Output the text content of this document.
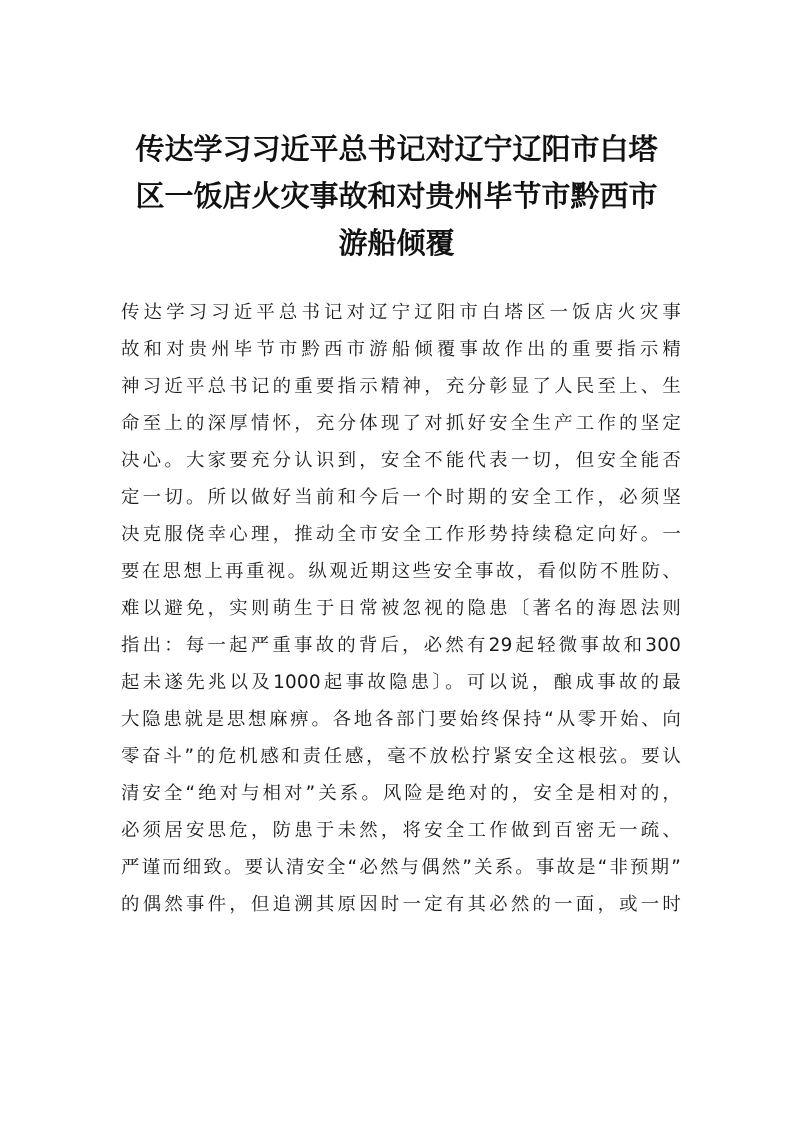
传达学习习近平总书记对辽宁辽阳市白塔
区一饭店火灾事故和对贵州毕节市黔西市
游船倾覆
传达学习习近平总书记对辽宁辽阳市白塔区一饭店火灾事
故和对贵州毕节市黔西市游船倾覆事故作出的重要指示精
神习近平总书记的重要指示精神，充分彰显了人民至上、生
命至上的深厚情怀，充分体现了对抓好安全生产工作的坚定
决心。大家要充分认识到，安全不能代表一切，但安全能否
定一切。所以做好当前和今后一个时期的安全工作，必须坚
决克服侥幸心理，推动全市安全工作形势持续稳定向好。一
要在思想上再重视。纵观近期这些安全事故，看似防不胜防、
难以避免，实则萌生于日常被忽视的隐患〔著名的海恩法则
指出：每一起严重事故的背后，必然有29起轻微事故和300
起未遂先兆以及1000起事故隐患〕。可以说，酿成事故的最
大隐患就是思想麻痹。各地各部门要始终保持“从零开始、向
零奋斗”的危机感和责任感，毫不放松拧紧安全这根弦。要认
清安全“绝对与相对”关系。风险是绝对的，安全是相对的，
必须居安思危，防患于未然，将安全工作做到百密无一疏、
严谨而细致。要认清安全“必然与偶然”关系。事故是“非预期”
的偶然事件，但追溯其原因时一定有其必然的一面，或一时
